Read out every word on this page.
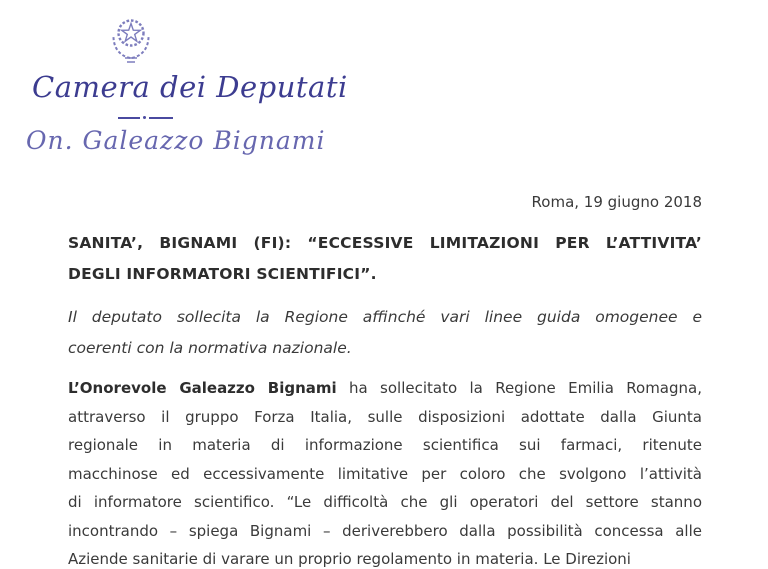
Camera dei Deputati
On. Galeazzo Bignami
Roma, 19 giugno 2018
SANITA’, BIGNAMI (FI): “ECCESSIVE LIMITAZIONI PER L’ATTIVITA’
DEGLI INFORMATORI SCIENTIFICI”.
Il deputato sollecita la Regione affinché vari linee guida omogenee e
coerenti con la normativa nazionale.
L’Onorevole Galeazzo Bignami ha sollecitato la Regione Emilia Romagna,
attraverso il gruppo Forza Italia, sulle disposizioni adottate dalla Giunta
regionale in materia di informazione scientifica sui farmaci, ritenute
macchinose ed eccessivamente limitative per coloro che svolgono l’attività
di informatore scientifico. “Le difficoltà che gli operatori del settore stanno
incontrando – spiega Bignami – deriverebbero dalla possibilità concessa alle
Aziende sanitarie di varare un proprio regolamento in materia. Le Direzioni
